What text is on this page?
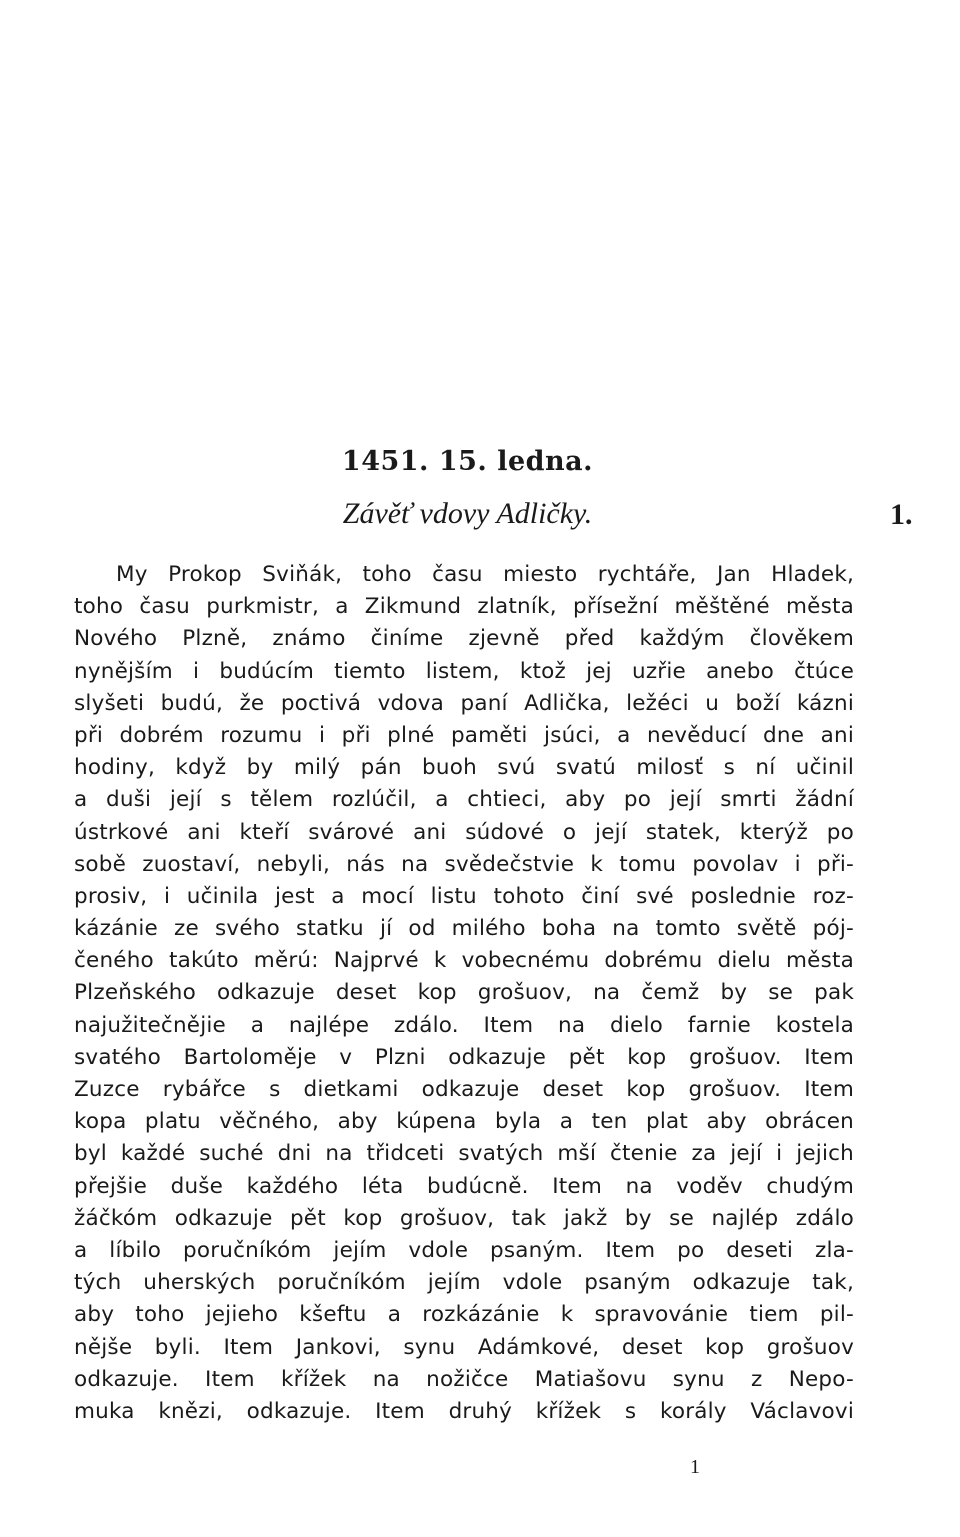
1451. 15. ledna.
Závěť vdovy Adličky.	1.
My Prokop Sviňák, toho času miesto rychtáře, Jan Hladek,
toho času purkmistr, a Zikmund zlatník, přísežní měštěné města
Nového Plzně, známo činíme zjevně před každým člověkem
nynějším i budúcím tiemto listem, ktož jej uzřie anebo čtúce
slyšeti budú, že poctivá vdova paní Adlička, ležéci u boží kázni
při dobrém rozumu i při plné paměti jsúci, a nevěducí dne ani
hodiny, když by milý pán buoh svú svatú milosť s ní učinil
a duši její s tělem rozlúčil, a chtieci, aby po její smrti žádní
ústrkové ani kteří svárové ani súdové o její statek, kterýž po
sobě zuostaví, nebyli, nás na svědečstvie k tomu povolav i při-
prosiv, i učinila jest a mocí listu tohoto činí své poslednie roz-
kázánie ze svého statku jí od milého boha na tomto světě pój-
čeného takúto měrú: Najprvé k vobecnému dobrému dielu města
Plzeňského odkazuje deset kop grošuov, na čemž by se pak
najužitečnějie a najlépe zdálo. Item na dielo farnie kostela
svatého Bartoloměje v Plzni odkazuje pět kop grošuov. Item
Zuzce rybářce s dietkami odkazuje deset kop grošuov. Item
kopa platu věčného, aby kúpena byla a ten plat aby obrácen
byl každé suché dni na třidceti svatých mší čtenie za její i jejich
přejšie duše každého léta budúcně. Item na voděv chudým
žáčkóm odkazuje pět kop grošuov, tak jakž by se najlép zdálo
a líbilo poručníkóm jejím vdole psaným. Item po deseti zla-
tých uherských poručníkóm jejím vdole psaným odkazuje tak,
aby toho jejieho kšeftu a rozkázánie k spravovánie tiem pil-
nějše byli. Item Jankovi, synu Adámkové, deset kop grošuov
odkazuje. Item křížek na nožičce Matiašovu synu z Nepo-
muka knězi, odkazuje. Item druhý křížek s korály Václavovi
1
